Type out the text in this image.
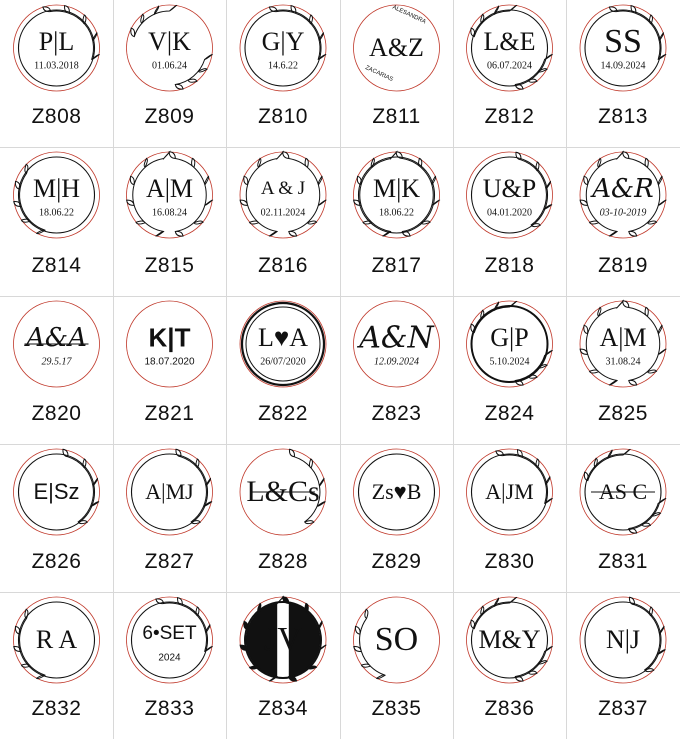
P|L
11.03.2018
Z808
V|K
01.06.24
Z809
G|Y
14.6.22
Z810
A&Z
ALESANDRA
ZACARIAS
Z811
L&E
06.07.2024
Z812
SS
14.09.2024
Z813
M|H
18.06.22
Z814
A|M
16.08.24
Z815
A & J
02.11.2024
Z816
M|K
18.06.22
Z817
U&P
04.01.2020
Z818
A&R
03-10-2019
Z819
A&A
29.5.17
Z820
K|T
18.07.2020
Z821
L♥A
26/07/2020
Z822
A&N
12.09.2024
Z823
G|P
5.10.2024
Z824
A|M
31.08.24
Z825
E|Sz
Z826
A|MJ
Z827
L&Cs
Z828
Zs♥B
Z829
A|JM
Z830
AS C
Z831
R A
Z832
6•SET
2024
Z833
JV
Z834
SO
Z835
M&Y
Z836
N|J
Z837
